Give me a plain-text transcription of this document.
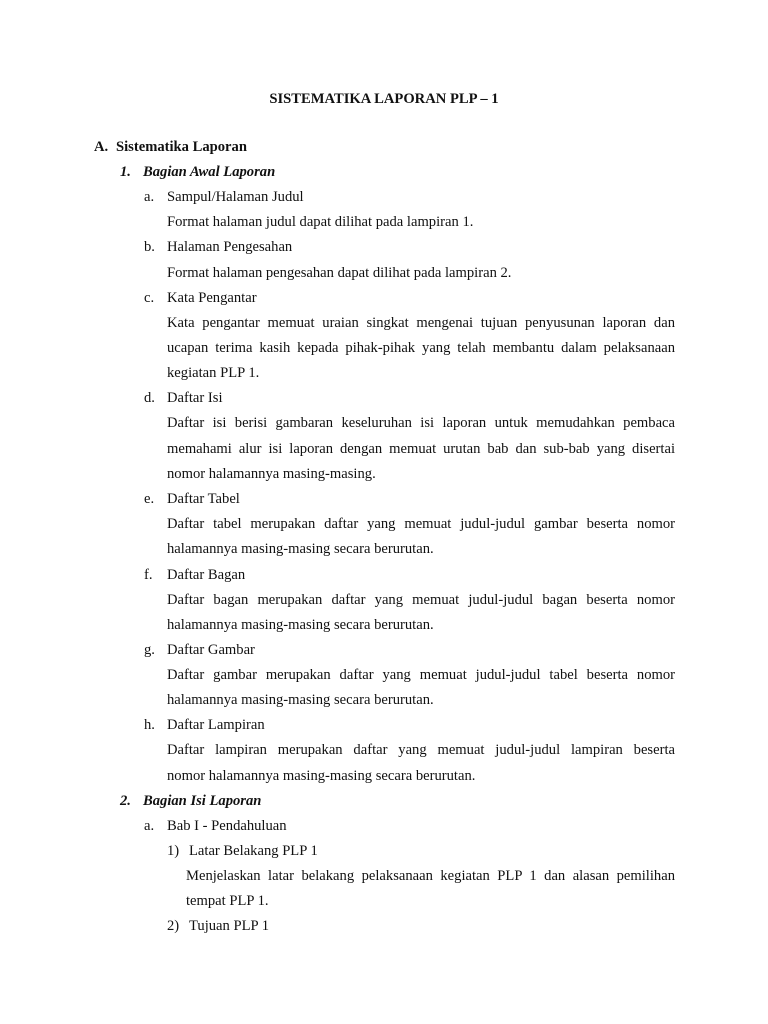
SISTEMATIKA LAPORAN PLP – 1
A. Sistematika Laporan
1. Bagian Awal Laporan
a. Sampul/Halaman Judul
Format halaman judul dapat dilihat pada lampiran 1.
b. Halaman Pengesahan
Format halaman pengesahan dapat dilihat pada lampiran 2.
c. Kata Pengantar
Kata pengantar memuat uraian singkat mengenai tujuan penyusunan laporan dan
ucapan terima kasih kepada pihak-pihak yang telah membantu dalam pelaksanaan
kegiatan PLP 1.
d. Daftar Isi
Daftar isi berisi gambaran keseluruhan isi laporan untuk memudahkan pembaca
memahami alur isi laporan dengan memuat urutan bab dan sub-bab yang disertai
nomor halamannya masing-masing.
e. Daftar Tabel
Daftar tabel merupakan daftar yang memuat judul-judul gambar beserta nomor
halamannya masing-masing secara berurutan.
f. Daftar Bagan
Daftar bagan merupakan daftar yang memuat judul-judul bagan beserta nomor
halamannya masing-masing secara berurutan.
g. Daftar Gambar
Daftar gambar merupakan daftar yang memuat judul-judul tabel beserta nomor
halamannya masing-masing secara berurutan.
h. Daftar Lampiran
Daftar lampiran merupakan daftar yang memuat judul-judul lampiran beserta
nomor halamannya masing-masing secara berurutan.
2. Bagian Isi Laporan
a. Bab I - Pendahuluan
1) Latar Belakang PLP 1
Menjelaskan latar belakang pelaksanaan kegiatan PLP 1 dan alasan pemilihan
tempat PLP 1.
2) Tujuan PLP 1
